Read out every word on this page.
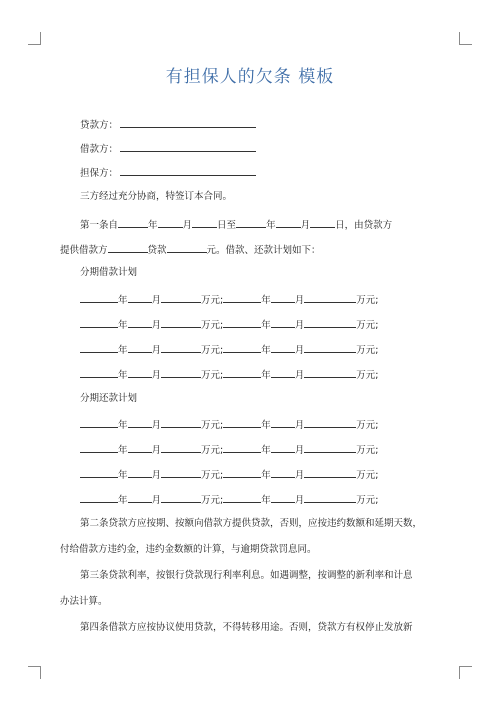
有担保人的欠条 模板
贷款方：
借款方：
担保方：
三方经过充分协商，特签订本合同。
第一条自	年	月	日至	年	月	日，由贷款方
提供借款方	贷款	元。借款、还款计划如下：
分期借款计划
年	月	万元;	年	月	万元;
年	月	万元;	年	月	万元;
年	月	万元;	年	月	万元;
年	月	万元;	年	月	万元;
分期还款计划
年	月	万元;	年	月	万元;
年	月	万元;	年	月	万元;
年	月	万元;	年	月	万元;
年	月	万元;	年	月	万元;
第二条贷款方应按期、按额向借款方提供贷款，否则，应按违约数额和延期天数，
付给借款方违约金，违约金数额的计算，与逾期贷款罚息同。
第三条贷款利率，按银行贷款现行利率利息。如遇调整，按调整的新利率和计息
办法计算。
第四条借款方应按协议使用贷款，不得转移用途。否则，贷款方有权停止发放新
